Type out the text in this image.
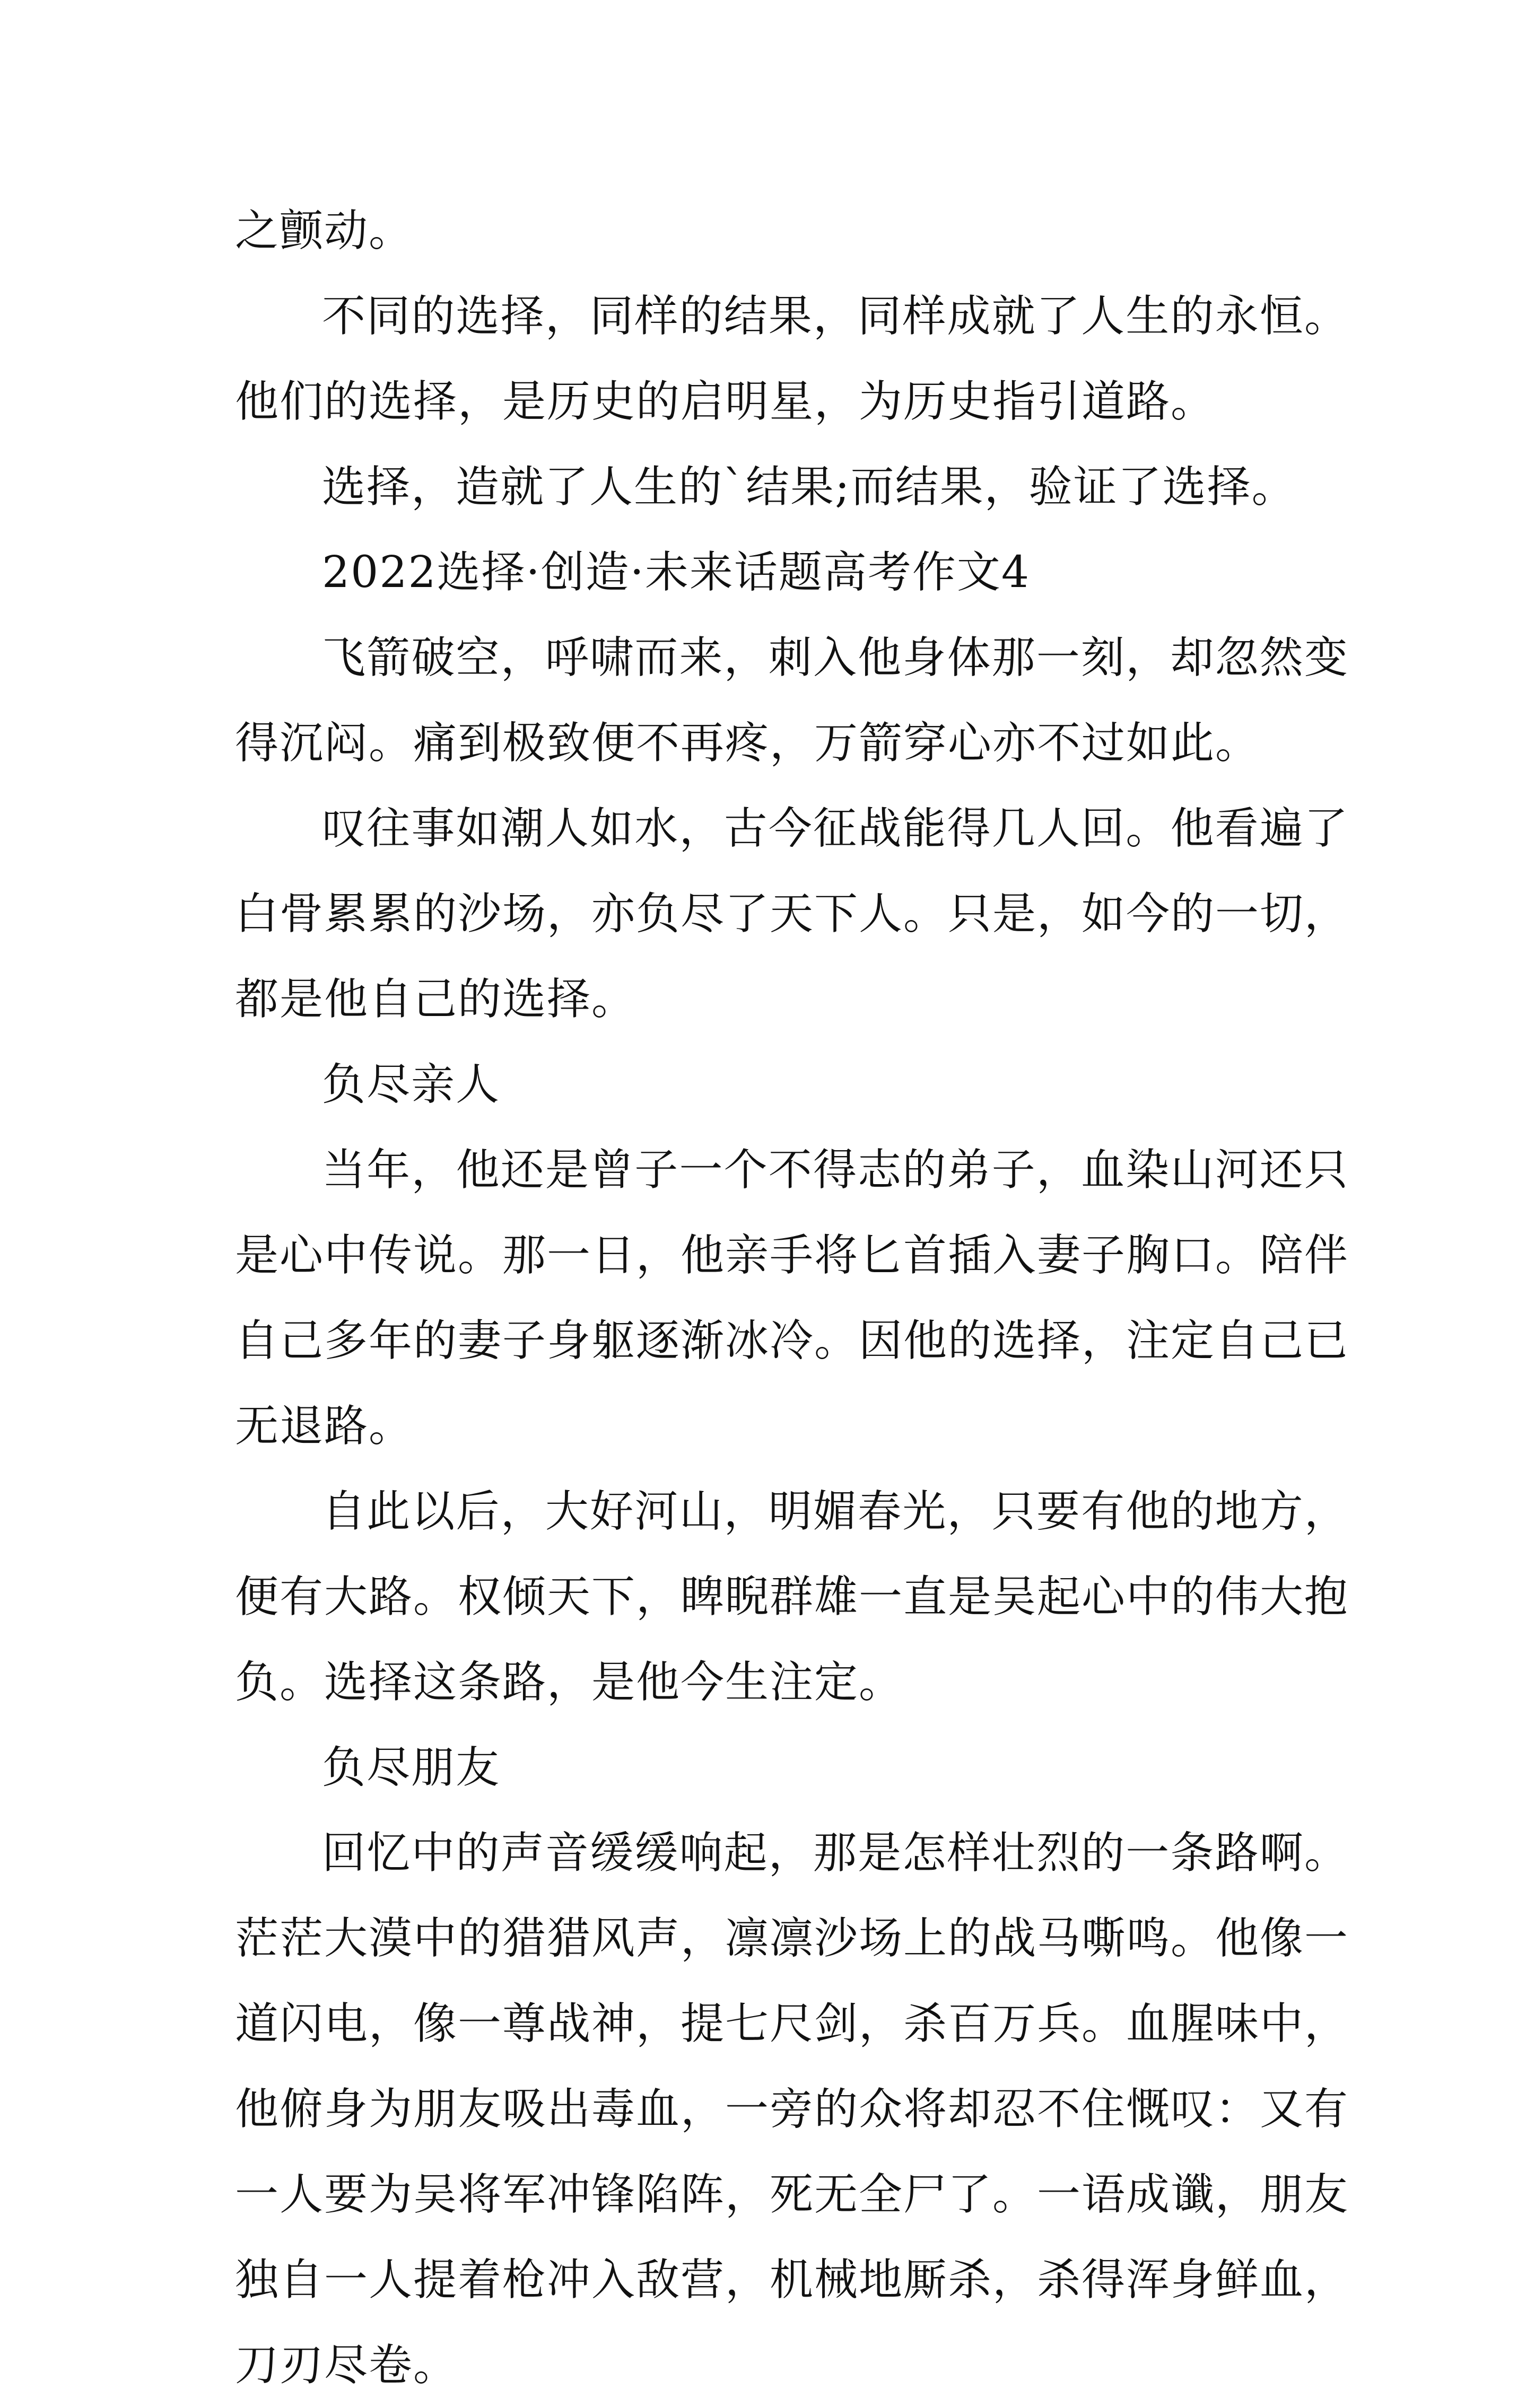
之颤动。

不同的选择，同样的结果，同样成就了人生的永恒。他们的选择，是历史的启明星，为历史指引道路。

选择，造就了人生的`结果;而结果，验证了选择。

2022选择·创造·未来话题高考作文4

飞箭破空，呼啸而来，刺入他身体那一刻，却忽然变得沉闷。痛到极致便不再疼，万箭穿心亦不过如此。

叹往事如潮人如水，古今征战能得几人回。他看遍了白骨累累的沙场，亦负尽了天下人。只是，如今的一切，都是他自己的选择。

负尽亲人

当年，他还是曾子一个不得志的弟子，血染山河还只是心中传说。那一日，他亲手将匕首插入妻子胸口。陪伴自己多年的妻子身躯逐渐冰冷。因他的选择，注定自己已无退路。

自此以后，大好河山，明媚春光，只要有他的地方，便有大路。权倾天下，睥睨群雄一直是吴起心中的伟大抱负。选择这条路，是他今生注定。

负尽朋友

回忆中的声音缓缓响起，那是怎样壮烈的一条路啊。茫茫大漠中的猎猎风声，凛凛沙场上的战马嘶鸣。他像一道闪电，像一尊战神，提七尺剑，杀百万兵。血腥味中，他俯身为朋友吸出毒血，一旁的众将却忍不住慨叹：又有一人要为吴将军冲锋陷阵，死无全尸了。一语成谶，朋友独自一人提着枪冲入敌营，机械地厮杀，杀得浑身鲜血，刀刃尽卷。
